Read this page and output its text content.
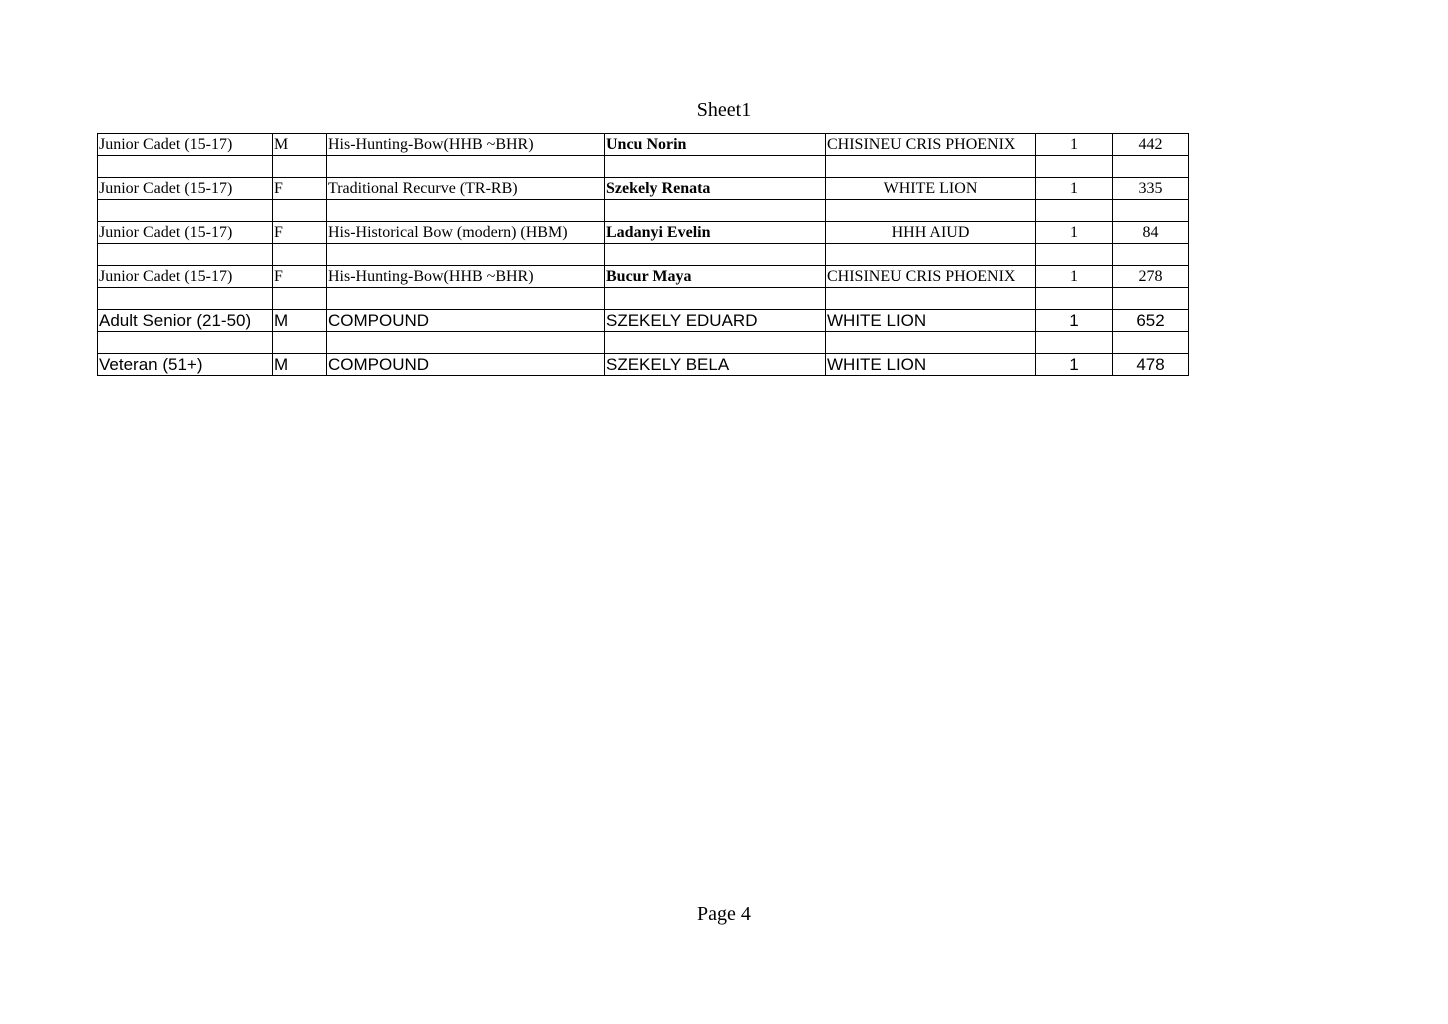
Sheet1
Junior Cadet (15-17)	M	His-Hunting-Bow(HHB ~BHR)	Uncu Norin	CHISINEU CRIS PHOENIX	1	442

Junior Cadet (15-17)	F	Traditional Recurve (TR-RB)	Szekely Renata	WHITE LION	1	335

Junior Cadet (15-17)	F	His-Historical Bow (modern) (HBM)	Ladanyi Evelin	HHH AIUD	1	84

Junior Cadet (15-17)	F	His-Hunting-Bow(HHB ~BHR)	Bucur Maya	CHISINEU CRIS PHOENIX	1	278

Adult Senior (21-50)	M	COMPOUND	SZEKELY EDUARD	WHITE LION	1	652

Veteran (51+)	M	COMPOUND	SZEKELY BELA	WHITE LION	1	478
Page 4
